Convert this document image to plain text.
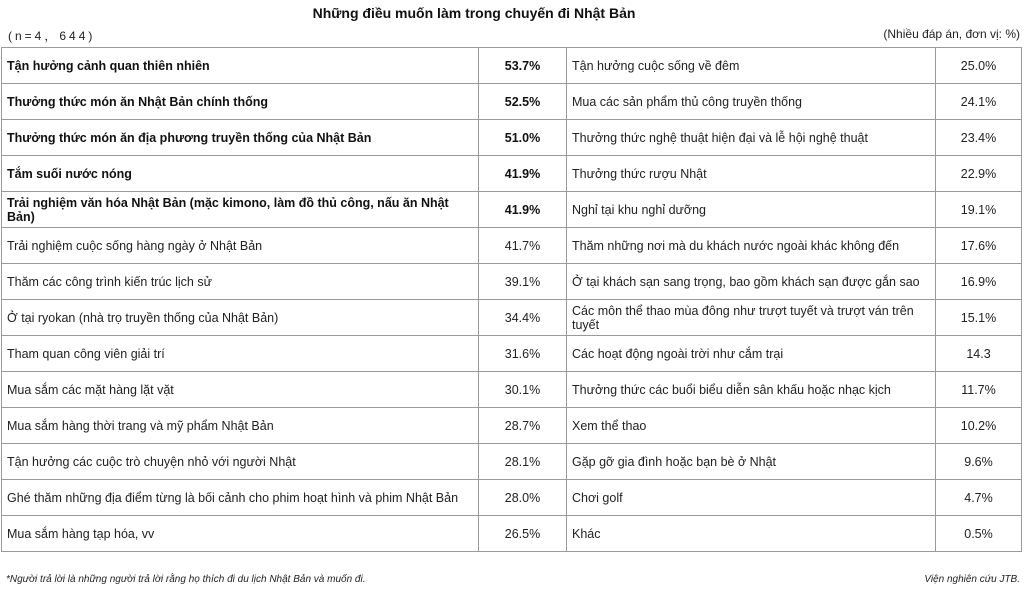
Những điều muốn làm trong chuyến đi Nhật Bản
(n=4，644)	(Nhiều đáp án, đơn vị: %)
Tận hưởng cảnh quan thiên nhiên	53.7%	Tận hưởng cuộc sống về đêm	25.0%
Thưởng thức món ăn Nhật Bản chính thống	52.5%	Mua các sản phẩm thủ công truyền thống	24.1%
Thưởng thức món ăn địa phương truyền thống của Nhật Bản	51.0%	Thưởng thức nghệ thuật hiện đại và lễ hội nghệ thuật	23.4%
Tắm suối nước nóng	41.9%	Thưởng thức rượu Nhật	22.9%
Trải nghiệm văn hóa Nhật Bản (mặc kimono, làm đồ thủ công, nấu ăn Nhật Bản)	41.9%	Nghỉ tại khu nghỉ dưỡng	19.1%
Trải nghiệm cuộc sống hàng ngày ở Nhật Bản	41.7%	Thăm những nơi mà du khách nước ngoài khác không đến	17.6%
Thăm các công trình kiến trúc lịch sử	39.1%	Ở tại khách sạn sang trọng, bao gồm khách sạn được gắn sao	16.9%
Ở tại ryokan (nhà trọ truyền thống của Nhật Bản)	34.4%	Các môn thể thao mùa đông như trượt tuyết và trượt ván trên tuyết	15.1%
Tham quan công viên giải trí	31.6%	Các hoạt động ngoài trời như cắm trại	14.3
Mua sắm các mặt hàng lặt vặt	30.1%	Thưởng thức các buổi biểu diễn sân khấu hoặc nhạc kịch	11.7%
Mua sắm hàng thời trang và mỹ phẩm Nhật Bản	28.7%	Xem thể thao	10.2%
Tận hưởng các cuộc trò chuyện nhỏ với người Nhật	28.1%	Gặp gỡ gia đình hoặc bạn bè ở Nhật	9.6%
Ghé thăm những địa điểm từng là bối cảnh cho phim hoạt hình và phim Nhật Bản	28.0%	Chơi golf	4.7%
Mua sắm hàng tạp hóa, vv	26.5%	Khác	0.5%
*Người trả lời là những người trả lời rằng họ thích đi du lịch Nhật Bản và muốn đi.	Viện nghiên cứu JTB.
